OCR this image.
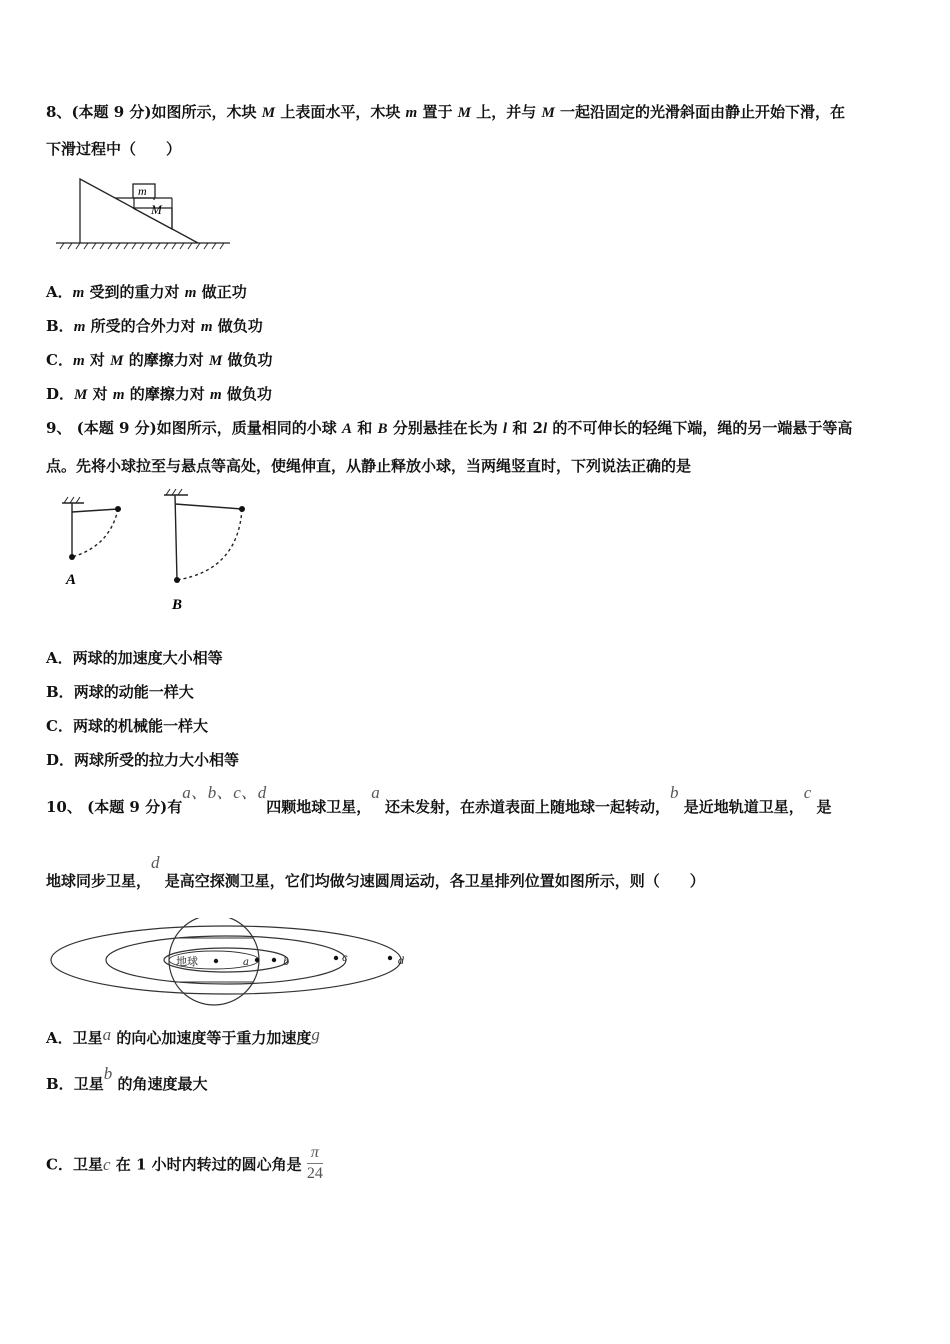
8、(本题 9 分)如图所示，木块 M 上表面水平，木块 m 置于 M 上，并与 M 一起沿固定的光滑斜面由静止开始下滑，在
下滑过程中（　　）
m
M
A．m 受到的重力对 m 做正功
B．m 所受的合外力对 m 做负功
C．m 对 M 的摩擦力对 M 做负功
D．M 对 m 的摩擦力对 m 做负功
9、 (本题 9 分)如图所示，质量相同的小球 A 和 B 分别悬挂在长为 l 和 2l 的不可伸长的轻绳下端，绳的另一端悬于等高
点。先将小球拉至与悬点等高处，使绳伸直，从静止释放小球，当两绳竖直时，下列说法正确的是
A
B
A．两球的加速度大小相等
B．两球的动能一样大
C．两球的机械能一样大
D．两球所受的拉力大小相等
10、 (本题 9 分)有a、b、c、d四颗地球卫星，a 还未发射，在赤道表面上随地球一起转动，b 是近地轨道卫星，c 是
地球同步卫星，d 是高空探测卫星，它们均做匀速圆周运动，各卫星排列位置如图所示，则（　　）
地球	a	b	c	d
A．卫星a 的向心加速度等于重力加速度g
B．卫星b 的角速度最大
C．卫星c 在 1 小时内转过的圆心角是 $\frac{\pi}{24}$
